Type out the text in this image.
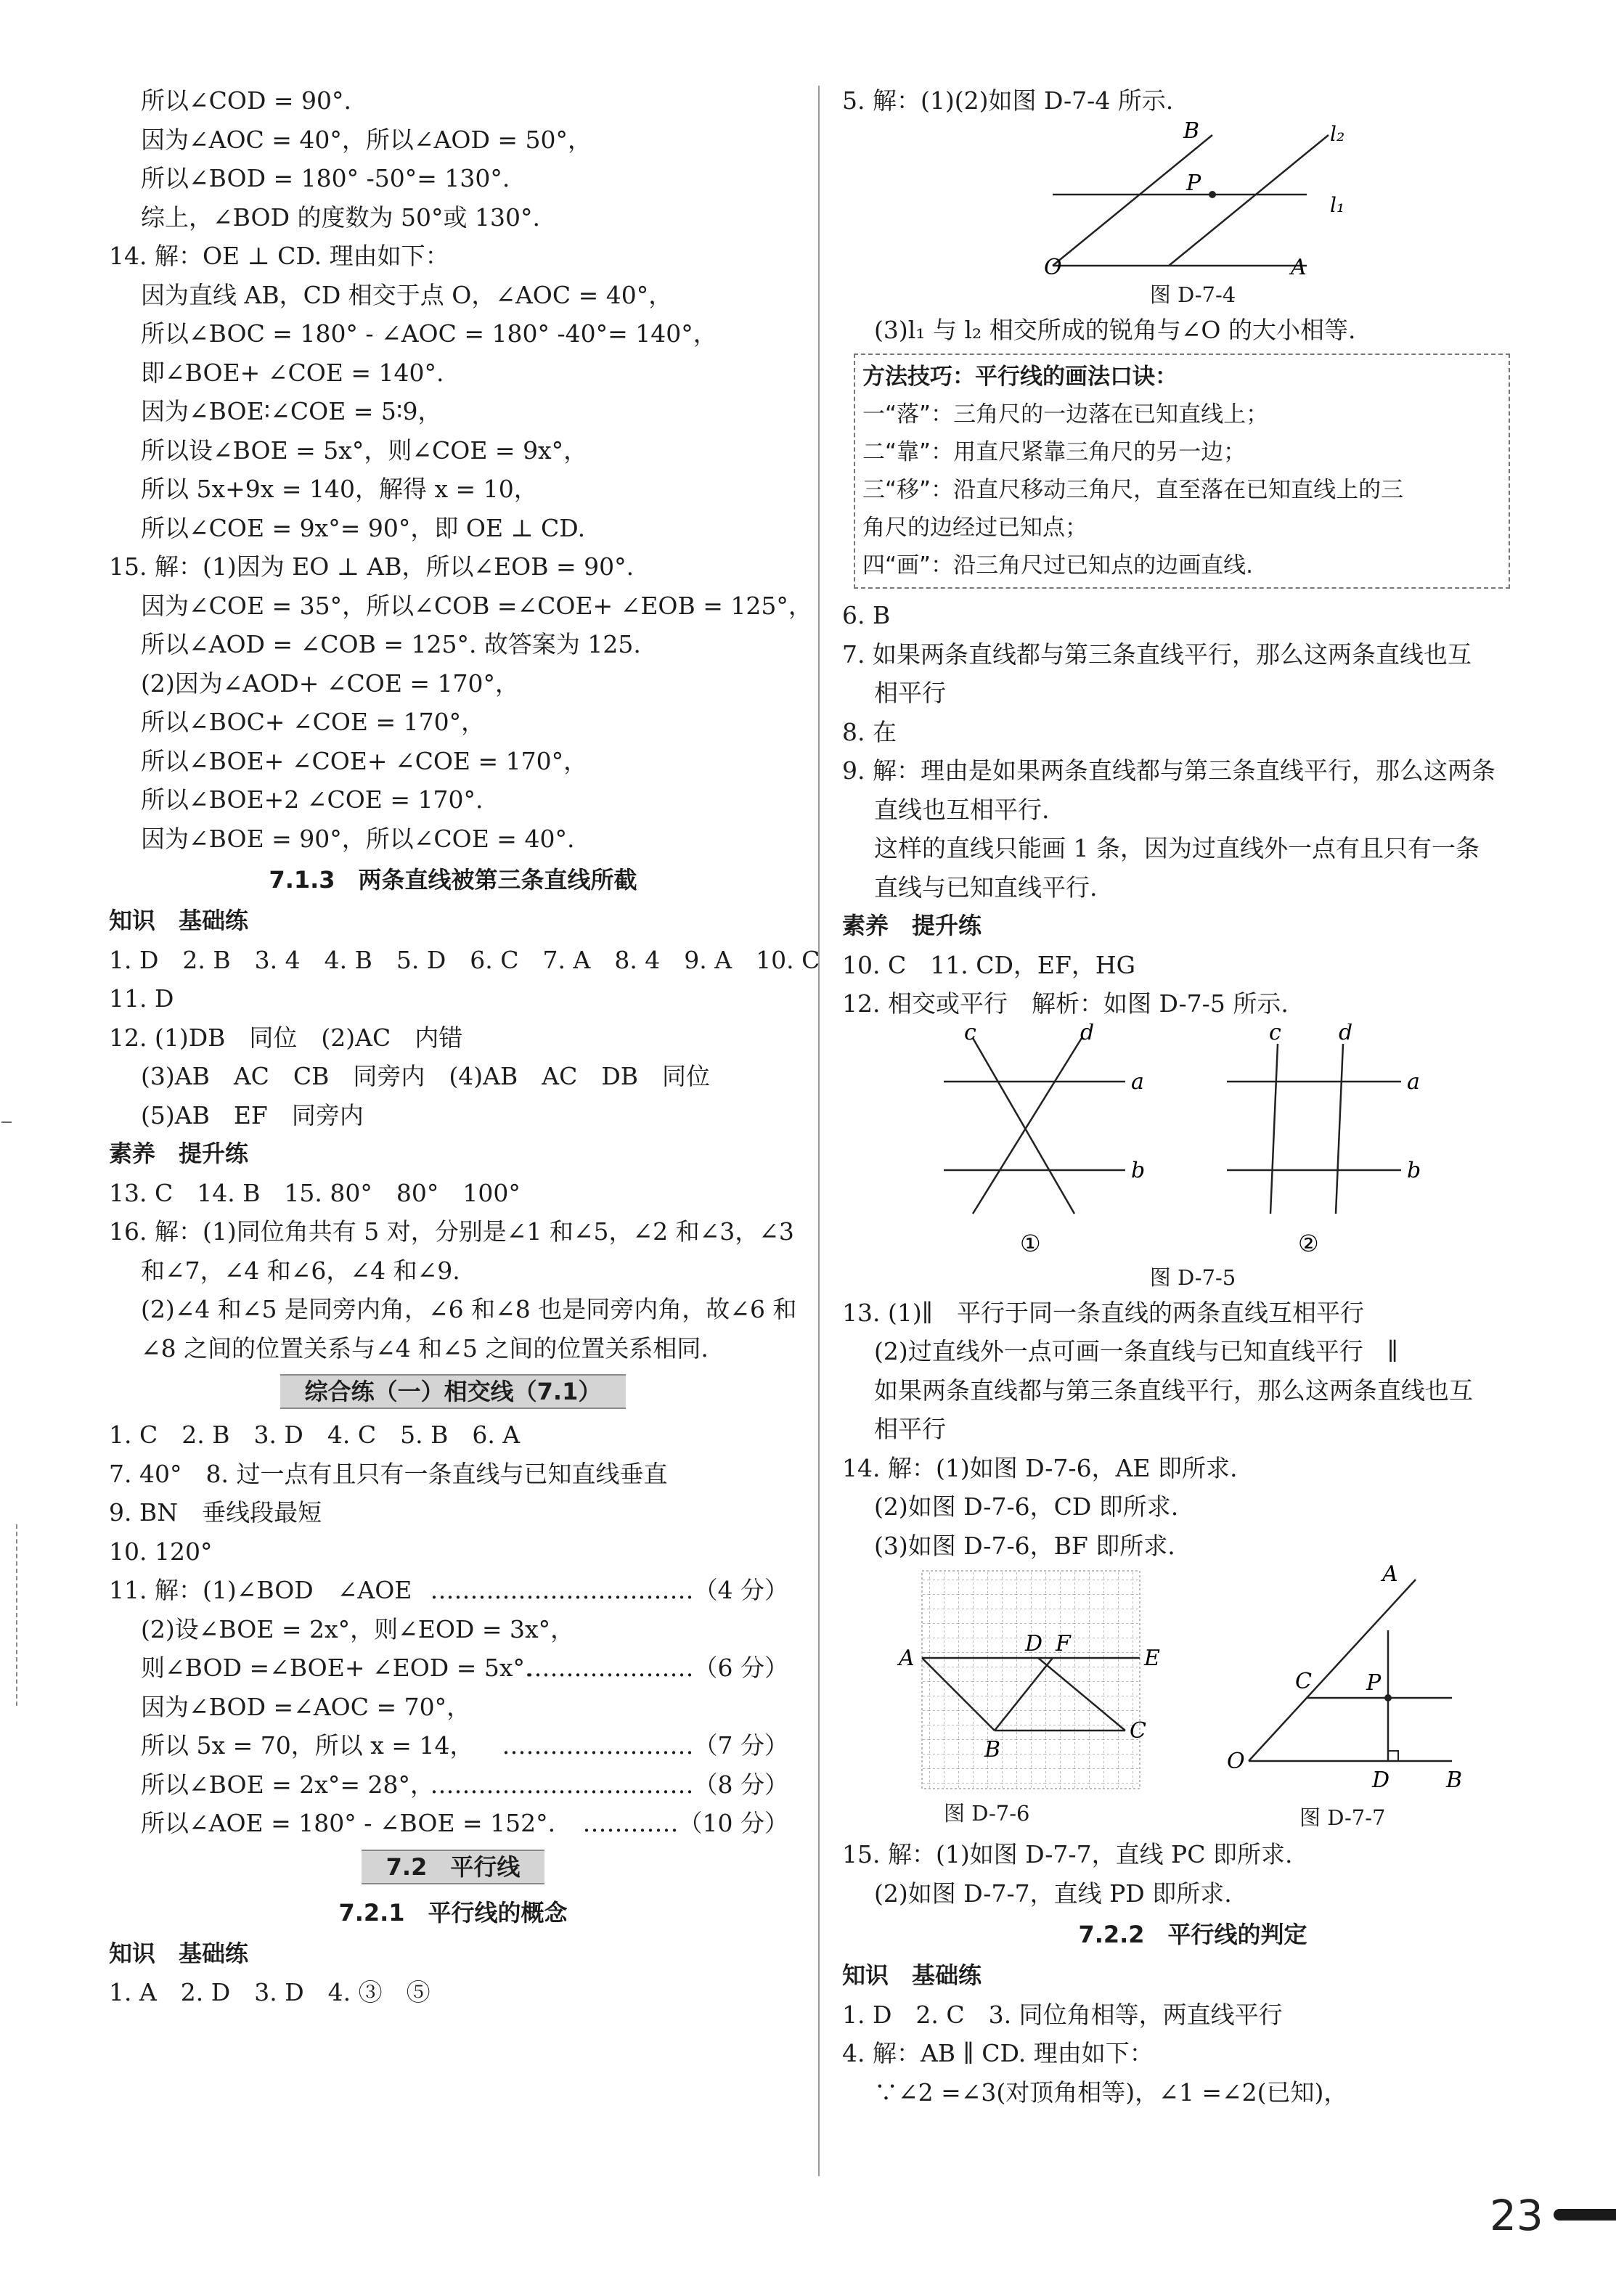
所以∠COD = 90°.
因为∠AOC = 40°，所以∠AOD = 50°，
所以∠BOD = 180° -50°= 130°.
综上，∠BOD 的度数为 50°或 130°.
14. 解：OE ⊥ CD. 理由如下：
因为直线 AB，CD 相交于点 O，∠AOC = 40°，
所以∠BOC = 180° - ∠AOC = 180° -40°= 140°，
即∠BOE+ ∠COE = 140°.
因为∠BOE∶∠COE = 5∶9，
所以设∠BOE = 5x°，则∠COE = 9x°，
所以 5x+9x = 140，解得 x = 10，
所以∠COE = 9x°= 90°，即 OE ⊥ CD.
15. 解：(1)因为 EO ⊥ AB，所以∠EOB = 90°.
因为∠COE = 35°，所以∠COB =∠COE+ ∠EOB = 125°，
所以∠AOD = ∠COB = 125°. 故答案为 125.
(2)因为∠AOD+ ∠COE = 170°，
所以∠BOC+ ∠COE = 170°，
所以∠BOE+ ∠COE+ ∠COE = 170°，
所以∠BOE+2 ∠COE = 170°.
因为∠BOE = 90°，所以∠COE = 40°.
7.1.3　两条直线被第三条直线所截
知识　基础练
1. D　2. B　3. 4　4. B　5. D　6. C　7. A　8. 4　9. A　10. C
11. D
12. (1)DB　同位　(2)AC　内错
(3)AB　AC　CB　同旁内　(4)AB　AC　DB　同位
(5)AB　EF　同旁内
素养　提升练
13. C　14. B　15. 80°　80°　100°
16. 解：(1)同位角共有 5 对，分别是∠1 和∠5，∠2 和∠3，∠3
和∠7，∠4 和∠6，∠4 和∠9.
(2)∠4 和∠5 是同旁内角，∠6 和∠8 也是同旁内角，故∠6 和
∠8 之间的位置关系与∠4 和∠5 之间的位置关系相同.
综合练（一）相交线（7.1）
1. C　2. B　3. D　4. C　5. B　6. A
7. 40°　8. 过一点有且只有一条直线与已知直线垂直
9. BN　垂线段最短
10. 120°
11. 解：(1)∠BOD　∠AOE ……………………………（4 分）
(2)设∠BOE = 2x°，则∠EOD = 3x°，
则∠BOD =∠BOE+ ∠EOD = 5x°.
…………………（6 分）
因为∠BOD =∠AOC = 70°，
所以 5x = 70，所以 x = 14， ……………………（7 分）
所以∠BOE = 2x°= 28°，
……………………………（8 分）
所以∠AOE = 180° - ∠BOE = 152°. …………（10 分）
7.2　平行线
7.2.1　平行线的概念
知识　基础练
1. A　2. D　3. D　4. ③　⑤
5. 解：(1)(2)如图 D-7-4 所示.
B	l₂
P
l₁
O	A
图 D-7-4
(3)l₁ 与 l₂ 相交所成的锐角与∠O 的大小相等.
方法技巧：平行线的画法口诀：
一“落”：三角尺的一边落在已知直线上；
二“靠”：用直尺紧靠三角尺的另一边；
三“移”：沿直尺移动三角尺，直至落在已知直线上的三
角尺的边经过已知点；
四“画”：沿三角尺过已知点的边画直线.
6. B
7. 如果两条直线都与第三条直线平行，那么这两条直线也互
相平行
8. 在
9. 解：理由是如果两条直线都与第三条直线平行，那么这两条
直线也互相平行.
这样的直线只能画 1 条，因为过直线外一点有且只有一条
直线与已知直线平行.
素养　提升练
10. C　11. CD，EF，HG
12. 相交或平行　解析：如图 D-7-5 所示.
c	d
a
b
①
c	d
a
b
②
图 D-7-5
13. (1)∥　平行于同一条直线的两条直线互相平行
(2)过直线外一点可画一条直线与已知直线平行　∥
如果两条直线都与第三条直线平行，那么这两条直线也互
相平行
14. 解：(1)如图 D-7-6，AE 即所求.
(2)如图 D-7-6，CD 即所求.
(3)如图 D-7-6，BF 即所求.
A
D F
E
B
C
A
C	P
O
D	B
图 D-7-6	图 D-7-7
15. 解：(1)如图 D-7-7，直线 PC 即所求.
(2)如图 D-7-7，直线 PD 即所求.
7.2.2　平行线的判定
知识　基础练
1. D　2. C　3. 同位角相等，两直线平行
4. 解：AB ∥ CD. 理由如下：
∵∠2 =∠3(对顶角相等)，∠1 =∠2(已知)，
23
